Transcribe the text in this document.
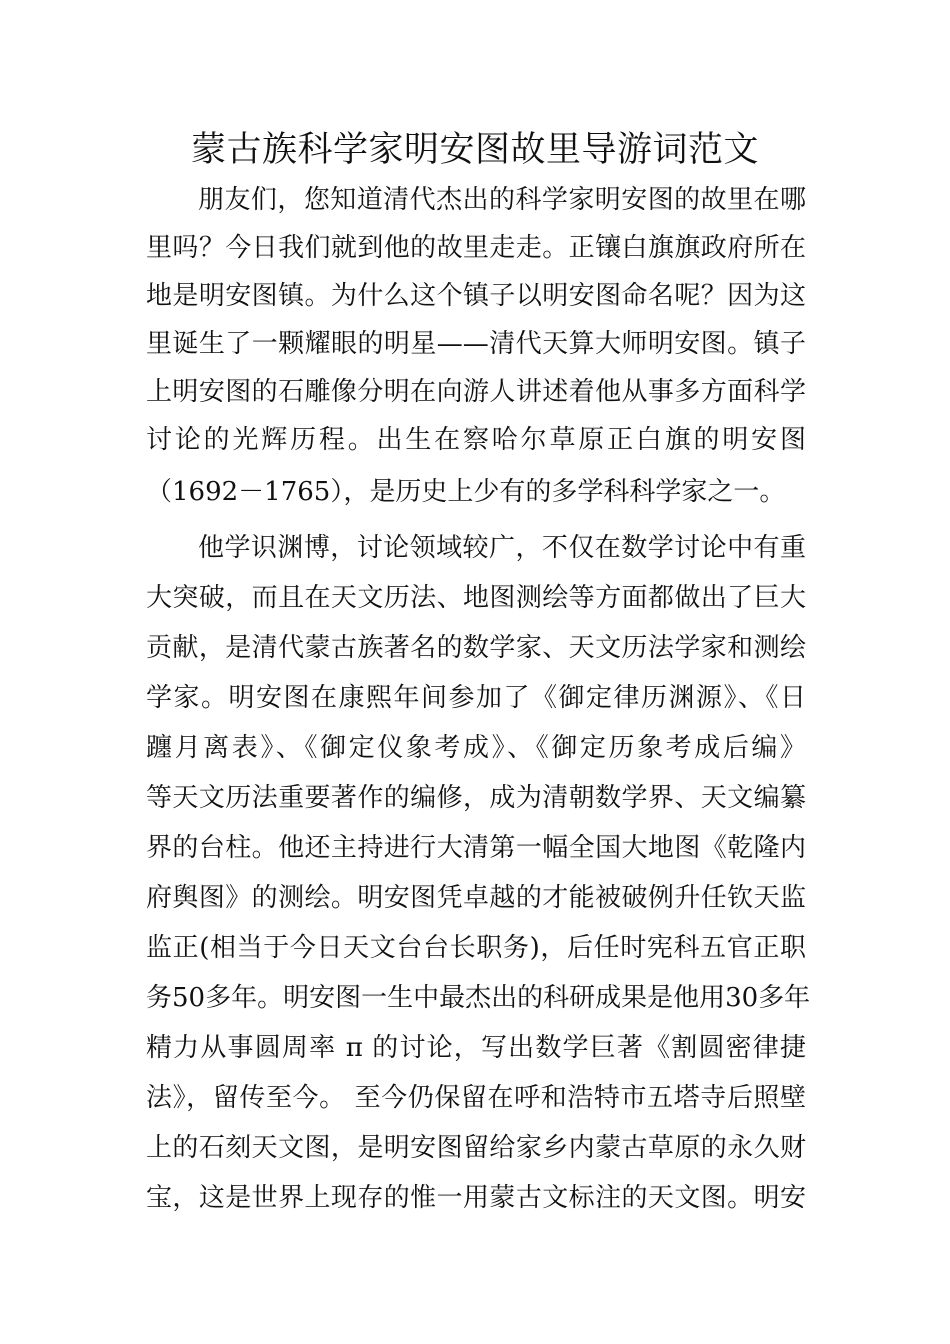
蒙古族科学家明安图故里导游词范文
朋友们，您知道清代杰出的科学家明安图的故里在哪
里吗？今日我们就到他的故里走走。正镶白旗旗政府所在
地是明安图镇。为什么这个镇子以明安图命名呢？因为这
里诞生了一颗耀眼的明星——清代天算大师明安图。镇子
上明安图的石雕像分明在向游人讲述着他从事多方面科学
讨论的光辉历程。出生在察哈尔草原正白旗的明安图
（1692－1765），是历史上少有的多学科科学家之一。
他学识渊博，讨论领域较广，不仅在数学讨论中有重
大突破，而且在天文历法、地图测绘等方面都做出了巨大
贡献，是清代蒙古族著名的数学家、天文历法学家和测绘
学家。明安图在康熙年间参加了《御定律历渊源》、《日
躔月离表》、《御定仪象考成》、《御定历象考成后编》
等天文历法重要著作的编修，成为清朝数学界、天文编纂
界的台柱。他还主持进行大清第一幅全国大地图《乾隆内
府舆图》的测绘。明安图凭卓越的才能被破例升任钦天监
监正(相当于今日天文台台长职务)，后任时宪科五官正职
务50多年。明安图一生中最杰出的科研成果是他用30多年
精力从事圆周率 π 的讨论，写出数学巨著《割圆密律捷
法》，留传至今。 至今仍保留在呼和浩特市五塔寺后照壁
上的石刻天文图，是明安图留给家乡内蒙古草原的永久财
宝，这是世界上现存的惟一用蒙古文标注的天文图。明安
